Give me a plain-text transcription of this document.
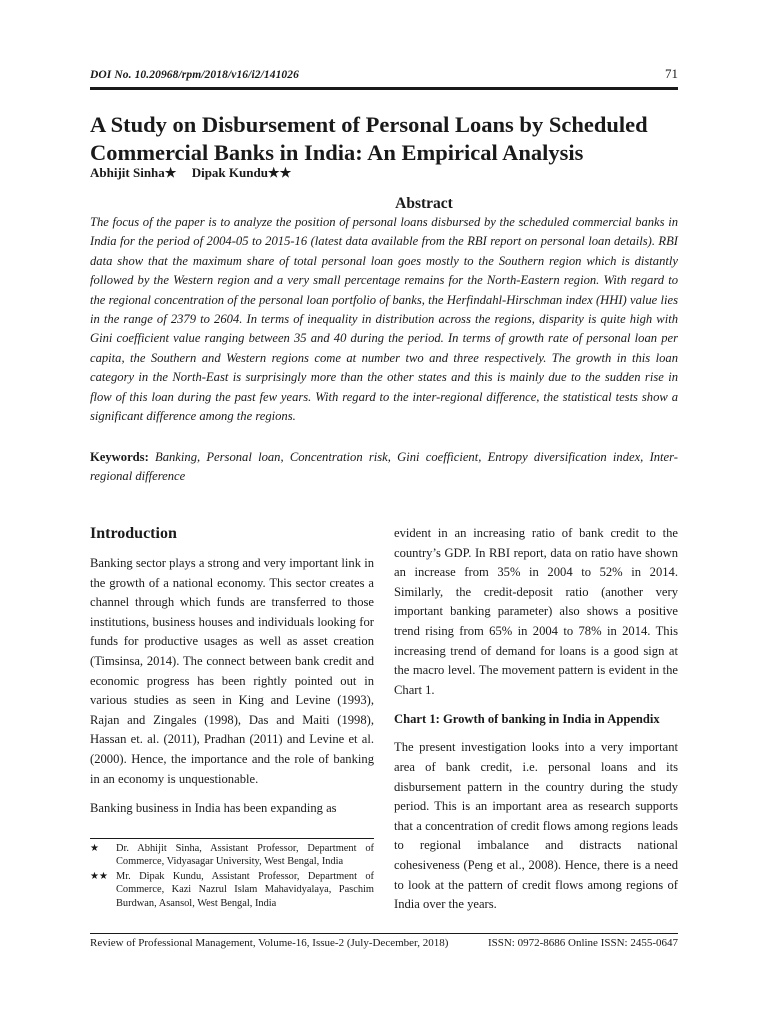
DOI No. 10.20968/rpm/2018/v16/i2/141026	71
A Study on Disbursement of Personal Loans by Scheduled Commercial Banks in India: An Empirical Analysis
Abhijit Sinha★ Dipak Kundu★★
Abstract

The focus of the paper is to analyze the position of personal loans disbursed by the scheduled commercial banks in India for the period of 2004-05 to 2015-16 (latest data available from the RBI report on personal loan details). RBI data show that the maximum share of total personal loan goes mostly to the Southern region which is distantly followed by the Western region and a very small percentage remains for the North-Eastern region. With regard to the regional concentration of the personal loan portfolio of banks, the Herfindahl-Hirschman index (HHI) value lies in the range of 2379 to 2604. In terms of inequality in distribution across the regions, disparity is quite high with Gini coefficient value ranging between 35 and 40 during the period. In terms of growth rate of personal loan per capita, the Southern and Western regions come at number two and three respectively. The growth in this loan category in the North-East is surprisingly more than the other states and this is mainly due to the sudden rise in flow of this loan during the past few years. With regard to the inter-regional difference, the statistical tests show a significant difference among the regions.

Keywords: Banking, Personal loan, Concentration risk, Gini coefficient, Entropy diversification index, Inter-regional difference

Introduction

Banking sector plays a strong and very important link in the growth of a national economy. This sector creates a channel through which funds are transferred to those institutions, business houses and individuals looking for funds for productive usages as well as asset creation (Timsinsa, 2014). The connect between bank credit and economic progress has been rightly pointed out in various studies as seen in King and Levine (1993), Rajan and Zingales (1998), Das and Maiti (1998), Hassan et. al. (2011), Pradhan (2011) and Levine et al. (2000). Hence, the importance and the role of banking in an economy is unquestionable.

Banking business in India has been expanding as

★	Dr. Abhijit Sinha, Assistant Professor, Department of Commerce, Vidyasagar University, West Bengal, India
★★ Mr. Dipak Kundu, Assistant Professor, Department of Commerce, Kazi Nazrul Islam Mahavidyalaya, Paschim Burdwan, Asansol, West Bengal, India

evident in an increasing ratio of bank credit to the country’s GDP. In RBI report, data on ratio have shown an increase from 35% in 2004 to 52% in 2014. Similarly, the credit-deposit ratio (another very important banking parameter) also shows a positive trend rising from 65% in 2004 to 78% in 2014. This increasing trend of demand for loans is a good sign at the macro level. The movement pattern is evident in the Chart 1.

Chart 1: Growth of banking in India in Appendix

The present investigation looks into a very important area of bank credit, i.e. personal loans and its disbursement pattern in the country during the study period. This is an important area as research supports that a concentration of credit flows among regions leads to regional imbalance and distracts national cohesiveness (Peng et al., 2008). Hence, there is a need to look at the pattern of credit flows among regions of India over the years.

Review of Professional Management, Volume-16, Issue-2 (July-December, 2018)	ISSN: 0972-8686 Online ISSN: 2455-0647
